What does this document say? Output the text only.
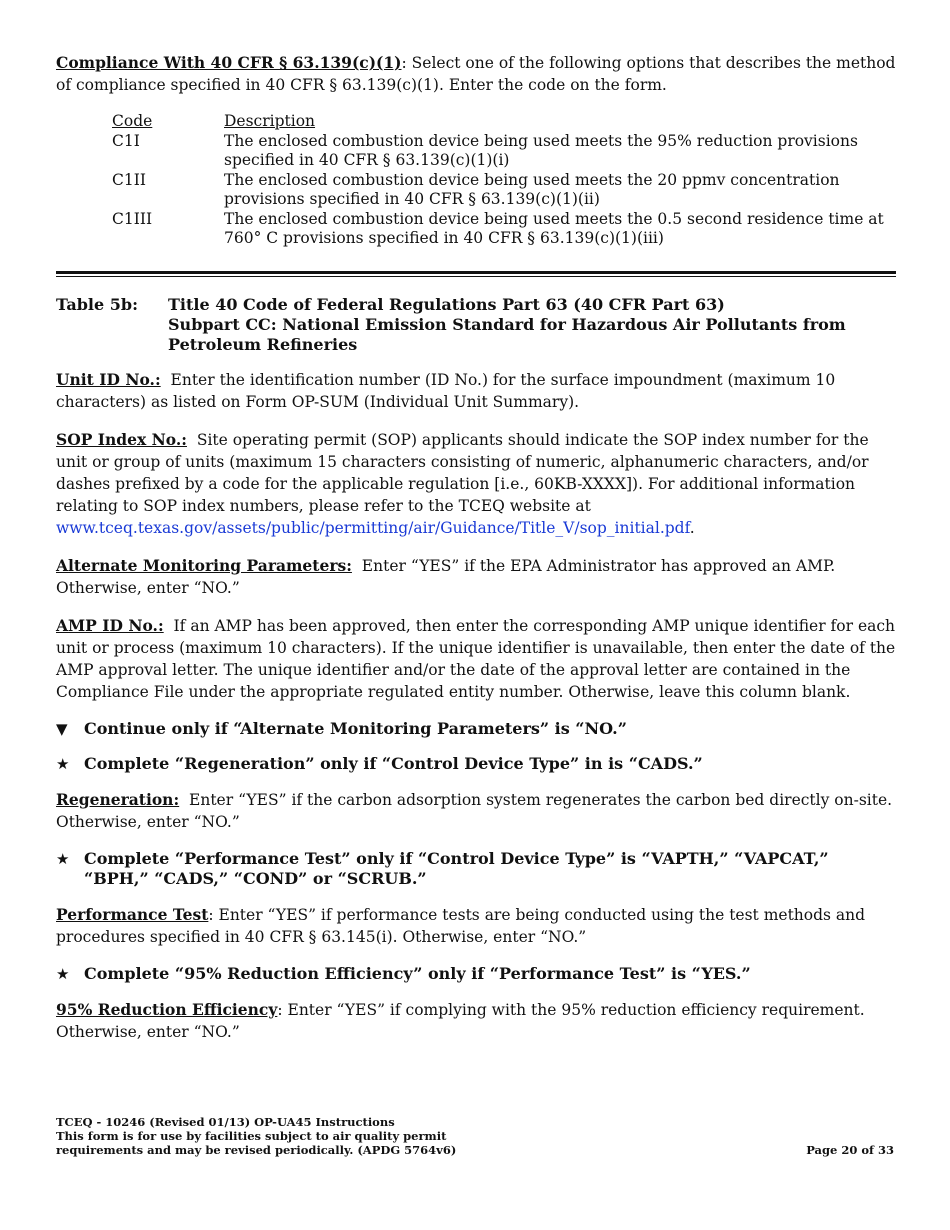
Compliance With 40 CFR § 63.139(c)(1): Select one of the following options that describes the method of compliance specified in 40 CFR § 63.139(c)(1). Enter the code on the form.

Code	Description
C1I	The enclosed combustion device being used meets the 95% reduction provisions specified in 40 CFR § 63.139(c)(1)(i)
C1II	The enclosed combustion device being used meets the 20 ppmv concentration provisions specified in 40 CFR § 63.139(c)(1)(ii)
C1III	The enclosed combustion device being used meets the 0.5 second residence time at 760° C provisions specified in 40 CFR § 63.139(c)(1)(iii)
Table 5b:	Title 40 Code of Federal Regulations Part 63 (40 CFR Part 63)
Subpart CC: National Emission Standard for Hazardous Air Pollutants from Petroleum Refineries

Unit ID No.: Enter the identification number (ID No.) for the surface impoundment (maximum 10 characters) as listed on Form OP-SUM (Individual Unit Summary).

SOP Index No.: Site operating permit (SOP) applicants should indicate the SOP index number for the unit or group of units (maximum 15 characters consisting of numeric, alphanumeric characters, and/or dashes prefixed by a code for the applicable regulation [i.e., 60KB-XXXX]). For additional information relating to SOP index numbers, please refer to the TCEQ website at www.tceq.texas.gov/assets/public/permitting/air/Guidance/Title_V/sop_initial.pdf.

Alternate Monitoring Parameters: Enter “YES” if the EPA Administrator has approved an AMP. Otherwise, enter “NO.”

AMP ID No.: If an AMP has been approved, then enter the corresponding AMP unique identifier for each unit or process (maximum 10 characters). If the unique identifier is unavailable, then enter the date of the AMP approval letter. The unique identifier and/or the date of the approval letter are contained in the Compliance File under the appropriate regulated entity number. Otherwise, leave this column blank.

▼	Continue only if “Alternate Monitoring Parameters” is “NO.”
★ Complete “Regeneration” only if “Control Device Type” in is “CADS.”

Regeneration: Enter “YES” if the carbon adsorption system regenerates the carbon bed directly on-site. Otherwise, enter “NO.”

★ Complete “Performance Test” only if “Control Device Type” is “VAPTH,” “VAPCAT,” “BPH,” “CADS,” “COND” or “SCRUB.”

Performance Test: Enter “YES” if performance tests are being conducted using the test methods and procedures specified in 40 CFR § 63.145(i). Otherwise, enter “NO.”

★ Complete “95% Reduction Efficiency” only if “Performance Test” is “YES.”

95% Reduction Efficiency: Enter “YES” if complying with the 95% reduction efficiency requirement. Otherwise, enter “NO.”

TCEQ - 10246 (Revised 01/13) OP-UA45 Instructions
This form is for use by facilities subject to air quality permit
requirements and may be revised periodically. (APDG 5764v6)	Page 20 of 33
